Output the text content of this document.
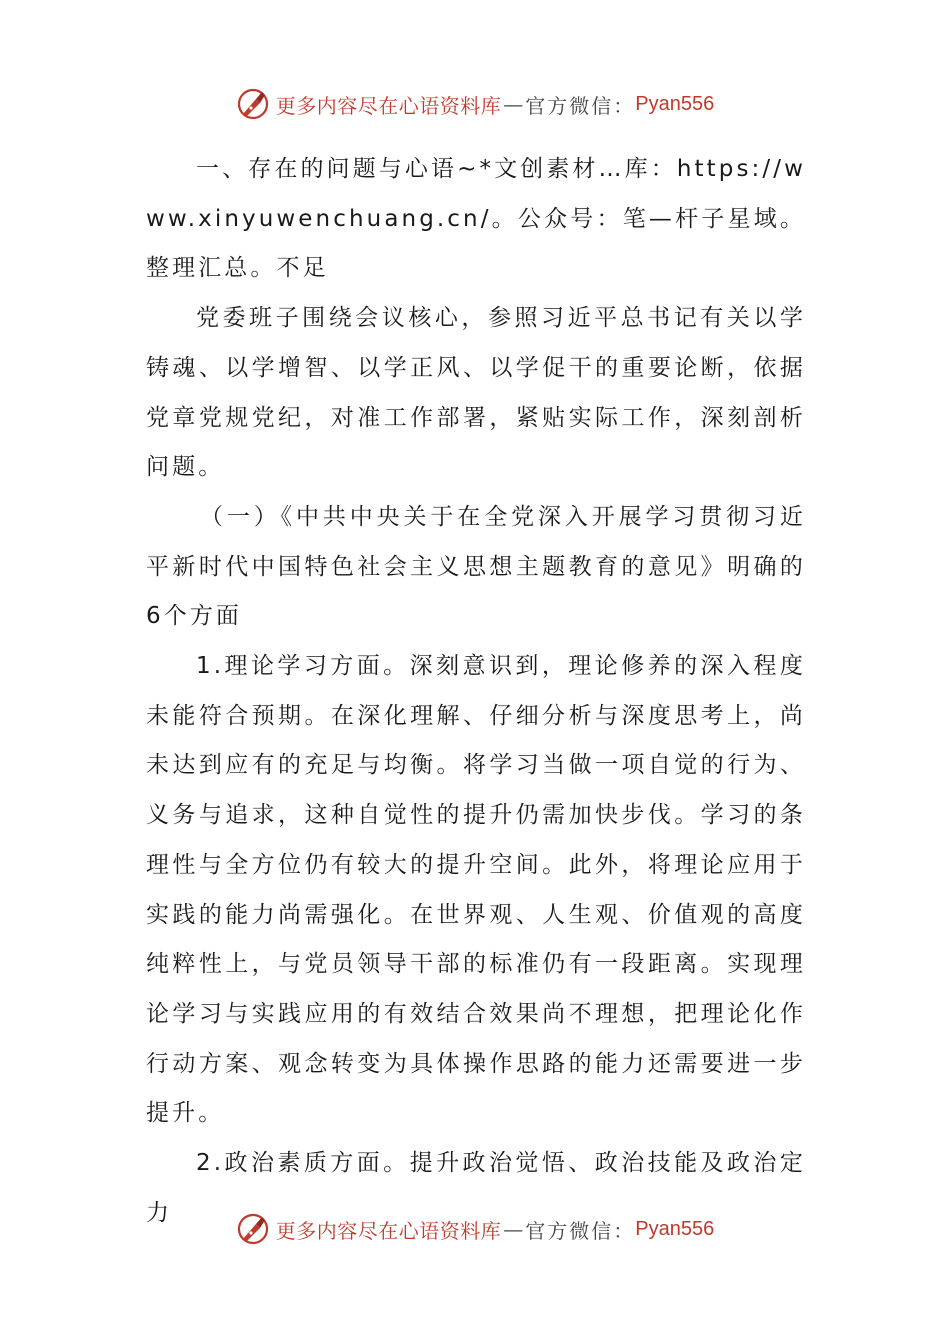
更多内容尽在心语资料库 — 官方微信： Pyan556

一、存在的问题与心语~*文创素材…库：https://www.xinyuwenchuang.cn/。公众号：笔—杆子星域。整理汇总。不足

党委班子围绕会议核心，参照习近平总书记有关以学铸魂、以学增智、以学正风、以学促干的重要论断，依据党章党规党纪，对准工作部署，紧贴实际工作，深刻剖析问题。

（一）《中共中央关于在全党深入开展学习贯彻习近平新时代中国特色社会主义思想主题教育的意见》明确的6个方面

1.理论学习方面。深刻意识到，理论修养的深入程度未能符合预期。在深化理解、仔细分析与深度思考上，尚未达到应有的充足与均衡。将学习当做一项自觉的行为、义务与追求，这种自觉性的提升仍需加快步伐。学习的条理性与全方位仍有较大的提升空间。此外，将理论应用于实践的能力尚需强化。在世界观、人生观、价值观的高度纯粹性上，与党员领导干部的标准仍有一段距离。实现理论学习与实践应用的有效结合效果尚不理想，把理论化作行动方案、观念转变为具体操作思路的能力还需要进一步提升。

2.政治素质方面。提升政治觉悟、政治技能及政治定力

更多内容尽在心语资料库 — 官方微信： Pyan556
